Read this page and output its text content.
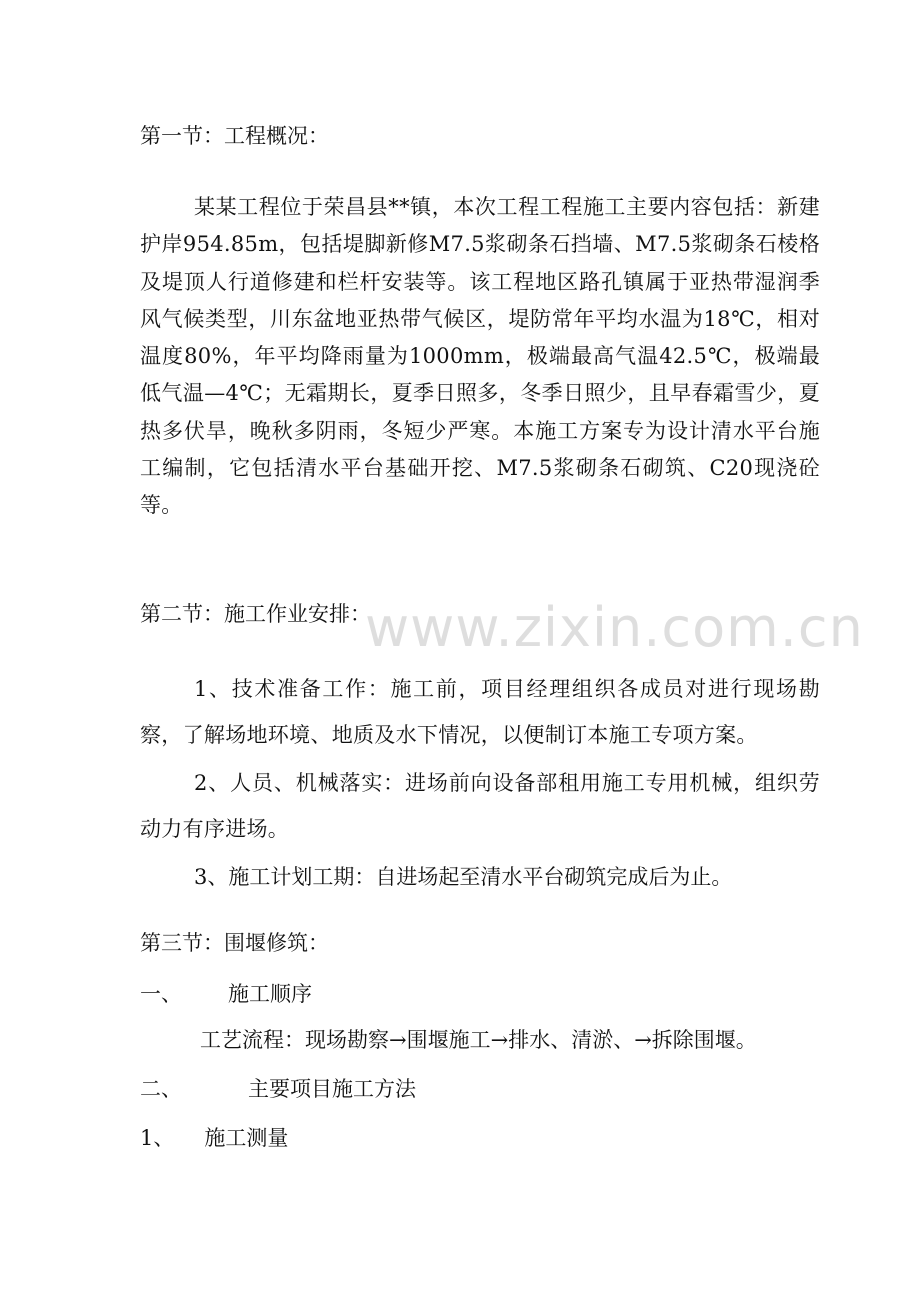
第一节：工程概况：

某某工程位于荣昌县**镇，本次工程工程施工主要内容包括：新建护岸954.85m，包括堤脚新修M7.5浆砌条石挡墙、M7.5浆砌条石棱格及堤顶人行道修建和栏杆安装等。该工程地区路孔镇属于亚热带湿润季风气候类型，川东盆地亚热带气候区，堤防常年平均水温为18℃，相对温度80%，年平均降雨量为1000mm，极端最高气温42.5℃，极端最低气温—4℃；无霜期长，夏季日照多，冬季日照少，且早春霜雪少，夏热多伏旱，晚秋多阴雨，冬短少严寒。本施工方案专为设计清水平台施工编制，它包括清水平台基础开挖、M7.5浆砌条石砌筑、C20现浇砼等。

第二节：施工作业安排：

1、技术准备工作：施工前，项目经理组织各成员对进行现场勘察，了解场地环境、地质及水下情况，以便制订本施工专项方案。

2、人员、机械落实：进场前向设备部租用施工专用机械，组织劳动力有序进场。

3、施工计划工期：自进场起至清水平台砌筑完成后为止。

第三节：围堰修筑：

一、 施工顺序

工艺流程：现场勘察→围堰施工→排水、清淤、→拆除围堰。

二、	主要项目施工方法

1、 施工测量

www.zixin.com.cn
